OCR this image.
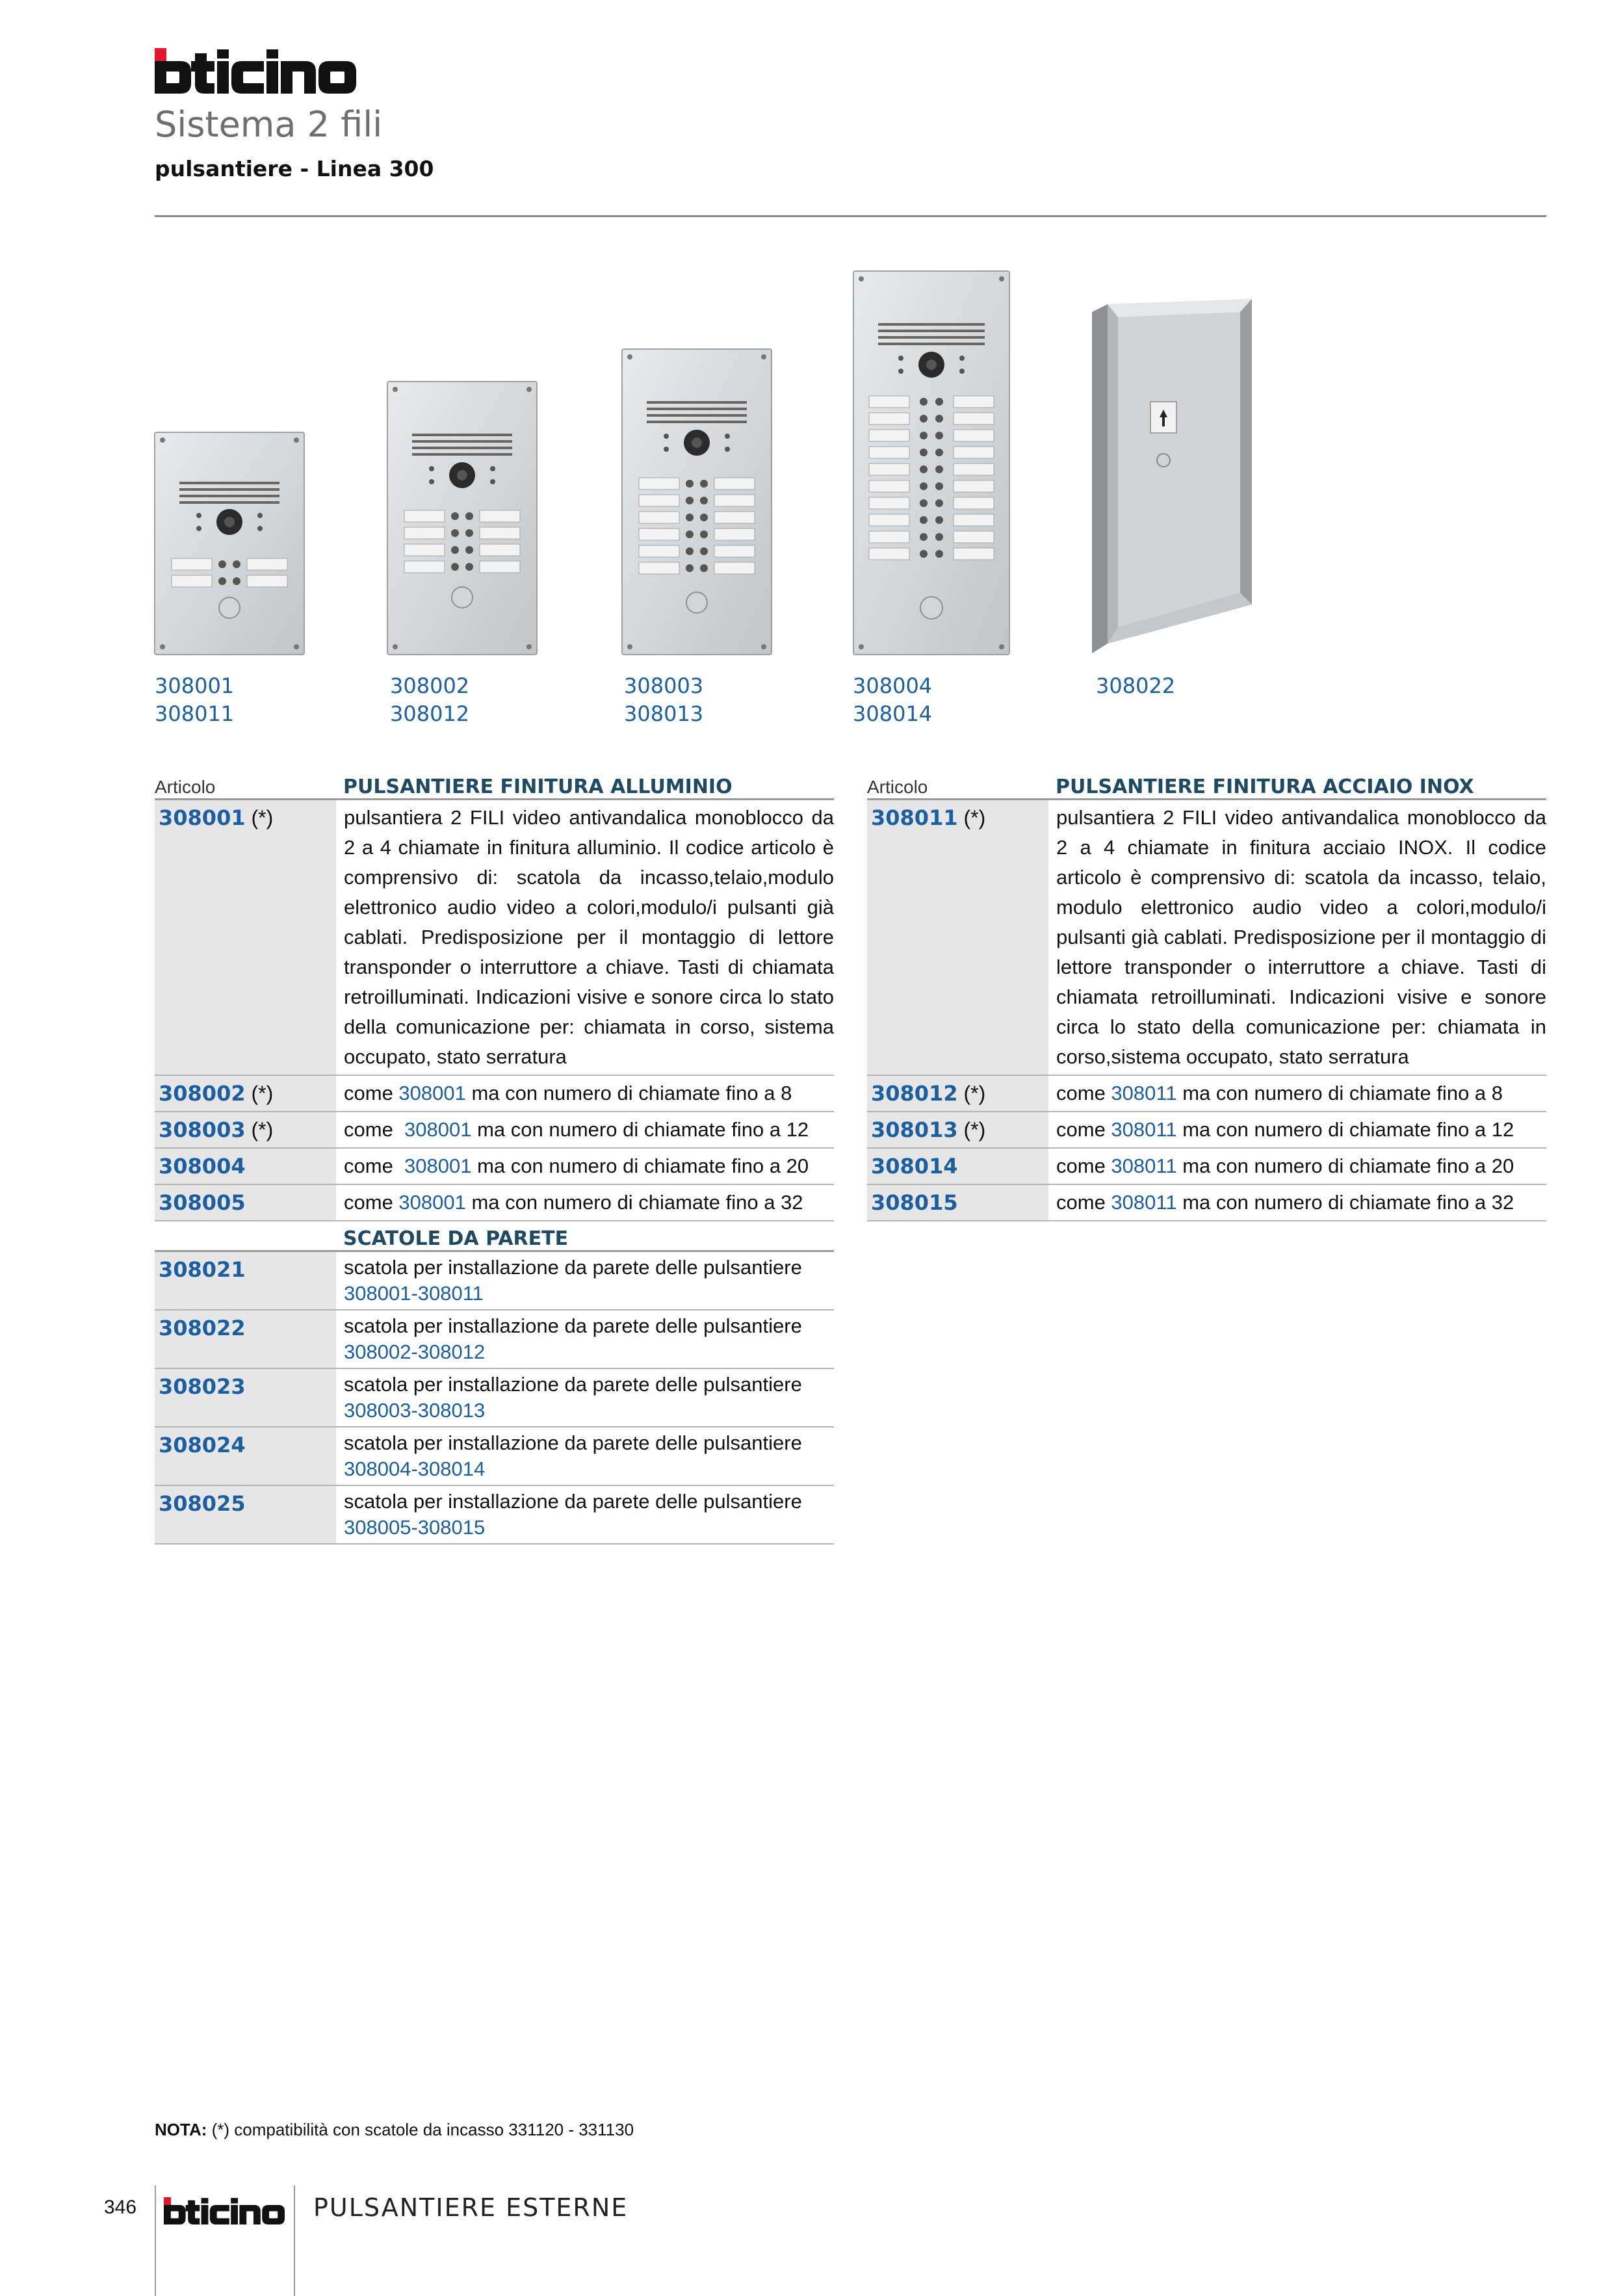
Sistema 2 fili
pulsantiere - Linea 300
308001
308011
308002
308012
308003
308013
308004
308014
308022
Articolo	PULSANTIERE FINITURA ALLUMINIO
308001 (*)	pulsantiera 2 FILI video antivandalica monoblocco da 2 a 4 chiamate in finitura alluminio. Il codice articolo è comprensivo di: scatola da incasso,telaio,modulo elettronico audio video a colori,modulo/i pulsanti già cablati. Predisposizione per il montaggio di lettore transponder o interruttore a chiave. Tasti di chiamata retroilluminati. Indicazioni visive e sonore circa lo stato della comunicazione per: chiamata in corso, sistema occupato, stato serratura
308002 (*)	come 308001 ma con numero di chiamate fino a 8
308003 (*)	come  308001 ma con numero di chiamate fino a 12
308004	come  308001 ma con numero di chiamate fino a 20
308005	come 308001 ma con numero di chiamate fino a 32
Articolo	PULSANTIERE FINITURA ACCIAIO INOX
308011 (*)	pulsantiera 2 FILI video antivandalica monoblocco da 2 a 4 chiamate in finitura acciaio INOX. Il codice articolo è comprensivo di: scatola da incasso, telaio, modulo elettronico audio video a colori,modulo/i pulsanti già cablati. Predisposizione per il montaggio di lettore transponder o interruttore a chiave. Tasti di chiamata retroilluminati. Indicazioni visive e sonore circa lo stato della comunicazione per: chiamata in corso,sistema occupato, stato serratura
308012 (*)	come 308011 ma con numero di chiamate fino a 8
308013 (*)	come 308011 ma con numero di chiamate fino a 12
308014	come 308011 ma con numero di chiamate fino a 20
308015	come 308011 ma con numero di chiamate fino a 32
SCATOLE DA PARETE
308021	scatola per installazione da parete delle pulsantiere
308001-308011
308022	scatola per installazione da parete delle pulsantiere
308002-308012
308023	scatola per installazione da parete delle pulsantiere
308003-308013
308024	scatola per installazione da parete delle pulsantiere
308004-308014
308025	scatola per installazione da parete delle pulsantiere
308005-308015
NOTA: (*) compatibilità con scatole da incasso 331120 - 331130
346	PULSANTIERE ESTERNE
